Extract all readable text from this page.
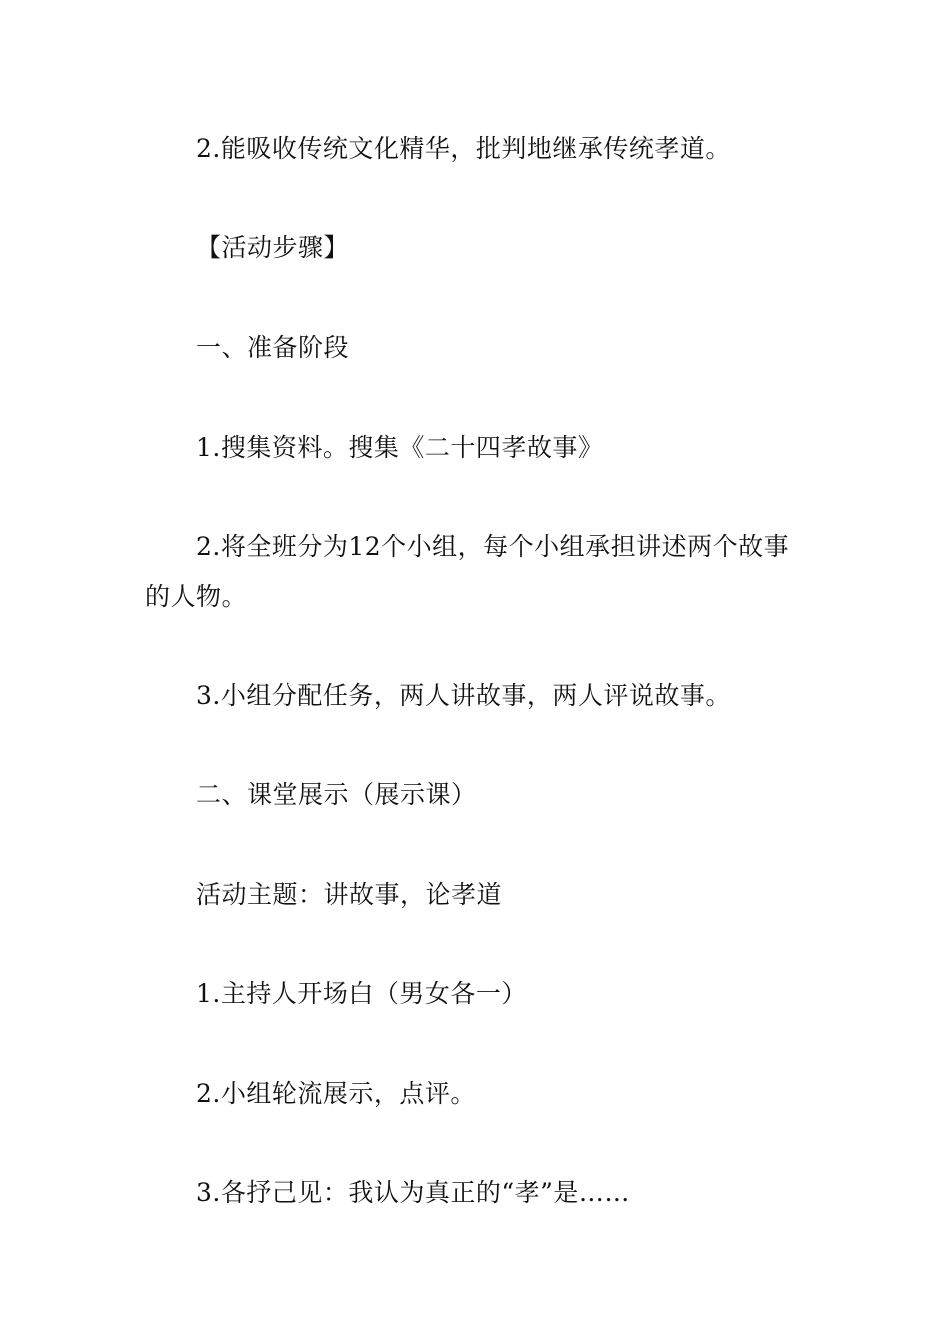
2.能吸收传统文化精华，批判地继承传统孝道。
【活动步骤】
一、准备阶段
1.搜集资料。搜集《二十四孝故事》
2.将全班分为12个小组，每个小组承担讲述两个故事
的人物。
3.小组分配任务，两人讲故事，两人评说故事。
二、课堂展示（展示课）
活动主题：讲故事，论孝道
1.主持人开场白（男女各一）
2.小组轮流展示，点评。
3.各抒己见：我认为真正的“孝”是……
